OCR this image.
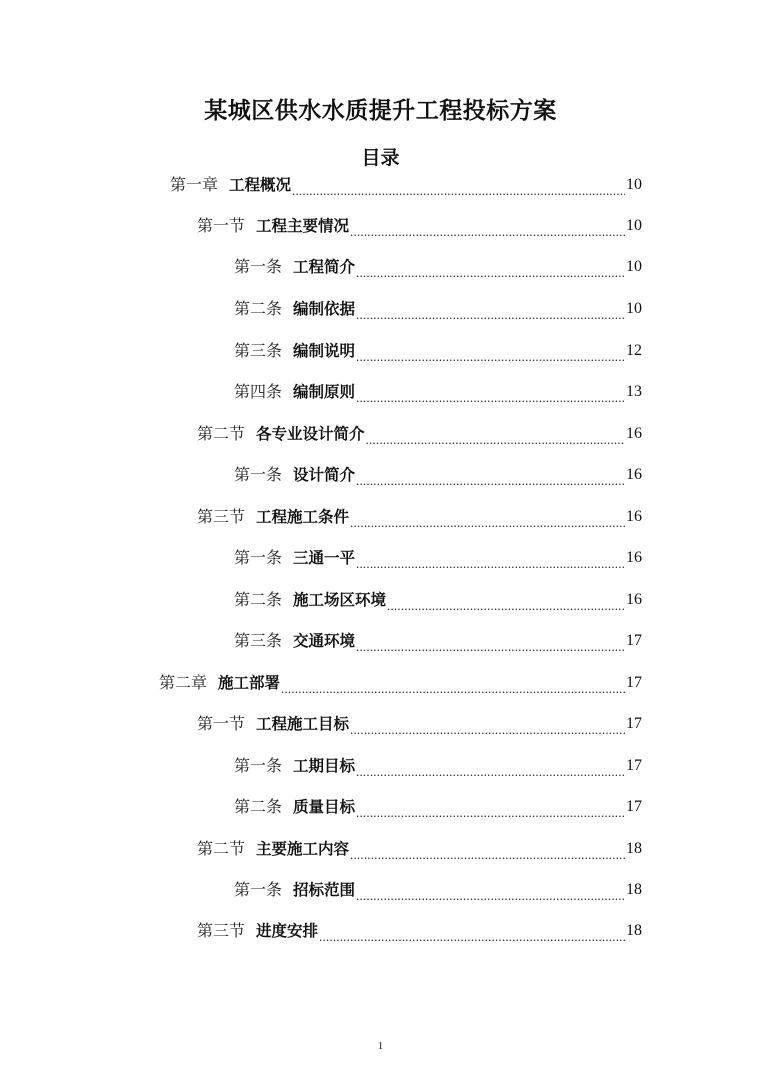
某城区供水水质提升工程投标方案
目录
第一章 工程概况 .....	10
第一节 工程主要情况 .....	10
第一条 工程简介 .....	10
第二条 编制依据 .....	10
第三条 编制说明 .....	12
第四条 编制原则 .....	13
第二节 各专业设计简介 .....	16
第一条 设计简介 .....	16
第三节 工程施工条件 .....	16
第一条 三通一平 .....	16
第二条 施工场区环境 .....	16
第三条 交通环境 .....	17
第二章 施工部署 .....	17
第一节 工程施工目标 .....	17
第一条 工期目标 .....	17
第二条 质量目标 .....	17
第二节 主要施工内容 .....	18
第一条 招标范围 .....	18
第三节 进度安排 .....	18
1
